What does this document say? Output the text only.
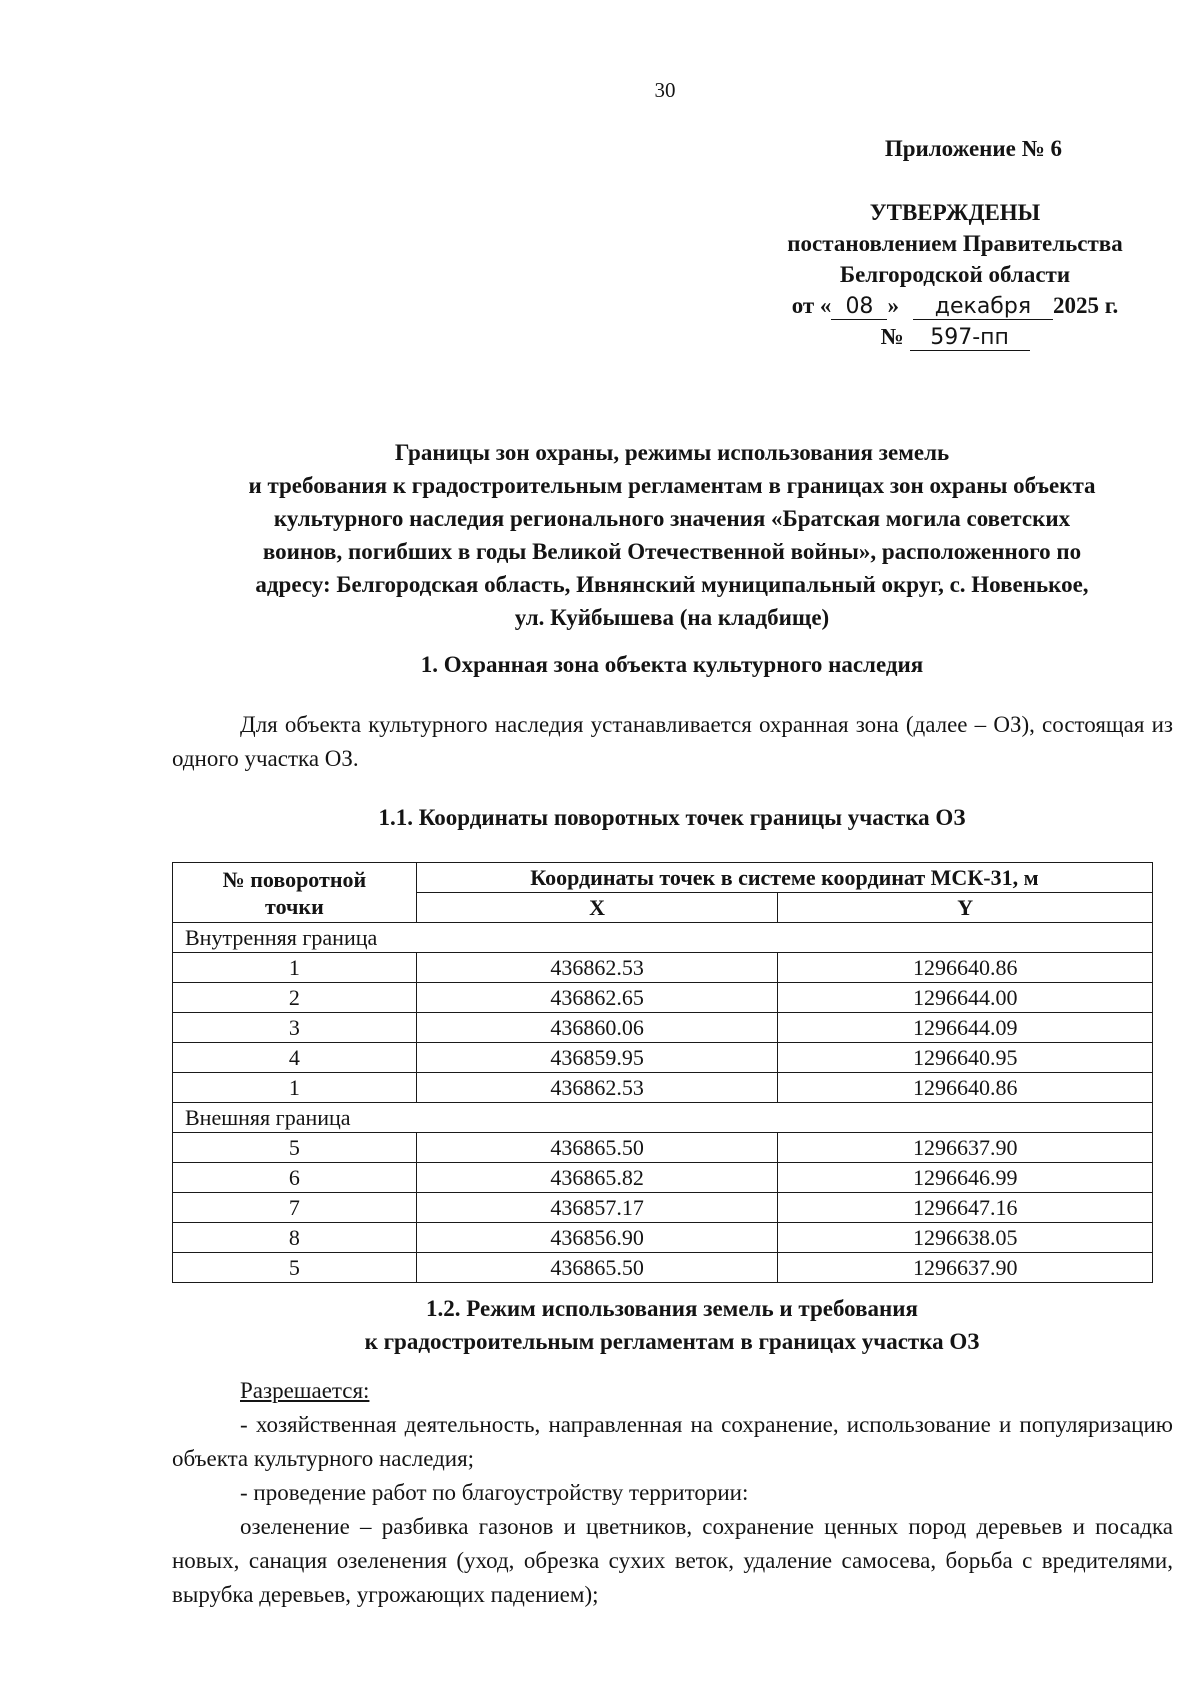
30
Приложение № 6
УТВЕРЖДЕНЫ
постановлением Правительства
Белгородской области
от « 08 » декабря 2025 г.
№ 597-пп
Границы зон охраны, режимы использования земель
и требования к градостроительным регламентам в границах зон охраны объекта
культурного наследия регионального значения «Братская могила советских
воинов, погибших в годы Великой Отечественной войны», расположенного по
адресу: Белгородская область, Ивнянский муниципальный округ, с. Новенькое,
ул. Куйбышева (на кладбище)
1. Охранная зона объекта культурного наследия
Для объекта культурного наследия устанавливается охранная зона (далее – ОЗ), состоящая из одного участка ОЗ.
1.1. Координаты поворотных точек границы участка ОЗ
№ поворотной
точки	Координаты точек в системе координат МСК-31, м	
	X	Y
Внутренняя граница		
1	436862.53	1296640.86
2	436862.65	1296644.00
3	436860.06	1296644.09
4	436859.95	1296640.95
1	436862.53	1296640.86
Внешняя граница		
5	436865.50	1296637.90
6	436865.82	1296646.99
7	436857.17	1296647.16
8	436856.90	1296638.05
5	436865.50	1296637.90
1.2. Режим использования земель и требования
к градостроительным регламентам в границах участка ОЗ
Разрешается:
- хозяйственная деятельность, направленная на сохранение, использование и популяризацию объекта культурного наследия;
- проведение работ по благоустройству территории:
озеленение – разбивка газонов и цветников, сохранение ценных пород деревьев и посадка новых, санация озеленения (уход, обрезка сухих веток, удаление самосева, борьба с вредителями, вырубка деревьев, угрожающих падением);
